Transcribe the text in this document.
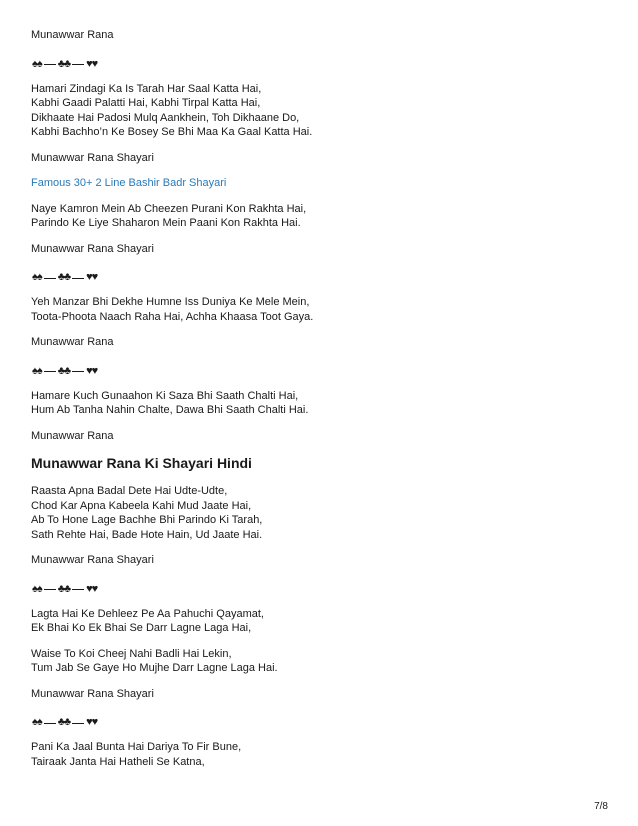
Munawwar Rana
♠♠ ♣♣ ♥♥
Hamari Zindagi Ka Is Tarah Har Saal Katta Hai,
Kabhi Gaadi Palatti Hai, Kabhi Tirpal Katta Hai,
Dikhaate Hai Padosi Mulq Aankhein, Toh Dikhaane Do,
Kabhi Bachho’n Ke Bosey Se Bhi Maa Ka Gaal Katta Hai.
Munawwar Rana Shayari
Famous 30+ 2 Line Bashir Badr Shayari
Naye Kamron Mein Ab Cheezen Purani Kon Rakhta Hai,
Parindo Ke Liye Shaharon Mein Paani Kon Rakhta Hai.
Munawwar Rana Shayari
♠♠ ♣♣ ♥♥
Yeh Manzar Bhi Dekhe Humne Iss Duniya Ke Mele Mein,
Toota-Phoota Naach Raha Hai, Achha Khaasa Toot Gaya.
Munawwar Rana
♠♠ ♣♣ ♥♥
Hamare Kuch Gunaahon Ki Saza Bhi Saath Chalti Hai,
Hum Ab Tanha Nahin Chalte, Dawa Bhi Saath Chalti Hai.
Munawwar Rana
Munawwar Rana Ki Shayari Hindi
Raasta Apna Badal Dete Hai Udte-Udte,
Chod Kar Apna Kabeela Kahi Mud Jaate Hai,
Ab To Hone Lage Bachhe Bhi Parindo Ki Tarah,
Sath Rehte Hai, Bade Hote Hain, Ud Jaate Hai.
Munawwar Rana Shayari
♠♠ ♣♣ ♥♥
Lagta Hai Ke Dehleez Pe Aa Pahuchi Qayamat,
Ek Bhai Ko Ek Bhai Se Darr Lagne Laga Hai,
Waise To Koi Cheej Nahi Badli Hai Lekin,
Tum Jab Se Gaye Ho Mujhe Darr Lagne Laga Hai.
Munawwar Rana Shayari
♠♠ ♣♣ ♥♥
Pani Ka Jaal Bunta Hai Dariya To Fir Bune,
Tairaak Janta Hai Hatheli Se Katna,
7/8
